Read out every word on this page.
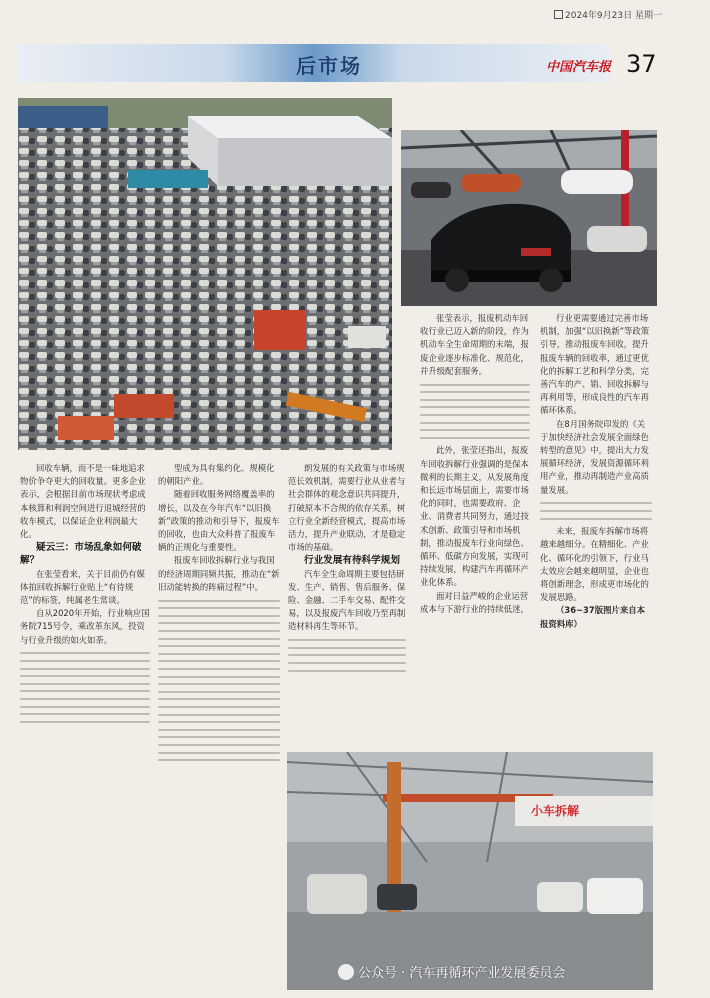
2024年9月23日 星期一
后市场	中国汽车报 37
小车拆解

回收车辆，而不是一味地追求物价争夺更大的回收量。更多企业表示，会根据目前市场现状考虑成本核算和利润空间进行退城经营的收车模式，以保证企业利润最大化。

疑云三：市场乱象如何破解？

在张莹看来，关于目前仍有媒体拍回收拆解行业贴上“有待规范”的标签，纯属老生常谈。

自从2020年开始，行业响应国务院715号令，乘改革东风，投资与行业升级的如火如荼。

型成为具有集约化、规模化的朝阳产业。

随着回收服务网络覆盖率的增长，以及在今年汽车“以旧换新”政策的推动和引导下，报废车的回收，也由大众科普了报废车辆的正规化与重要性。

报废车回收拆解行业与我国的经济周期同频共振，推动在“新旧动能转换的阵痛过程”中。

朗发展的有关政策与市场规范长效机制，需要行业从业者与社会群体的观念意识共同提升，打破原本不合规的依存关系，树立行业全新经营模式，提高市场活力，提升产业联动，才是稳定市场的基础。

行业发展有待科学规划

汽车全生命周期主要包括研发、生产、销售、售后服务、保险、金融、二手车交易、配件交易，以及报废汽车回收乃至再制造材料再生等环节。

张莹表示，报废机动车回收行业已迈入新的阶段，作为机动车全生命周期的末端，报废企业逐步标准化、规范化，并升级配套服务。

此外，张莹还指出，报废车回收拆解行业强调的是保本微利的长期主义，从发展角度和长远市场层面上，需要市场化的同时，也需要政府、企业、消费者共同努力，通过技术创新、政策引导和市场机制，推动报废车行业向绿色、循环、低碳方向发展，实现可持续发展，构建汽车再循环产业化体系。

面对日益严峻的企业运营成本与下游行业的持续低迷，

行业更需要通过完善市场机制，加强“以旧换新”等政策引导，推动报废车回收，提升报废车辆的回收率，通过更优化的拆解工艺和科学分类，完善汽车的产、销、回收拆解与再利用等，形成良性的汽车再循环体系。

在8月国务院印发的《关于加快经济社会发展全面绿色转型的意见》中，提出大力发展循环经济，发展资源循环利用产业，推动再制造产业高质量发展。

未来，报废车拆解市场将越来越细分。在精细化、产业化、循环化的引领下，行业马太效应会越来越明显，企业也将创新理念，形成更市场化的发展思路。

（36~37版图片来自本报资料库）

公众号 · 汽车再循环产业发展委员会
